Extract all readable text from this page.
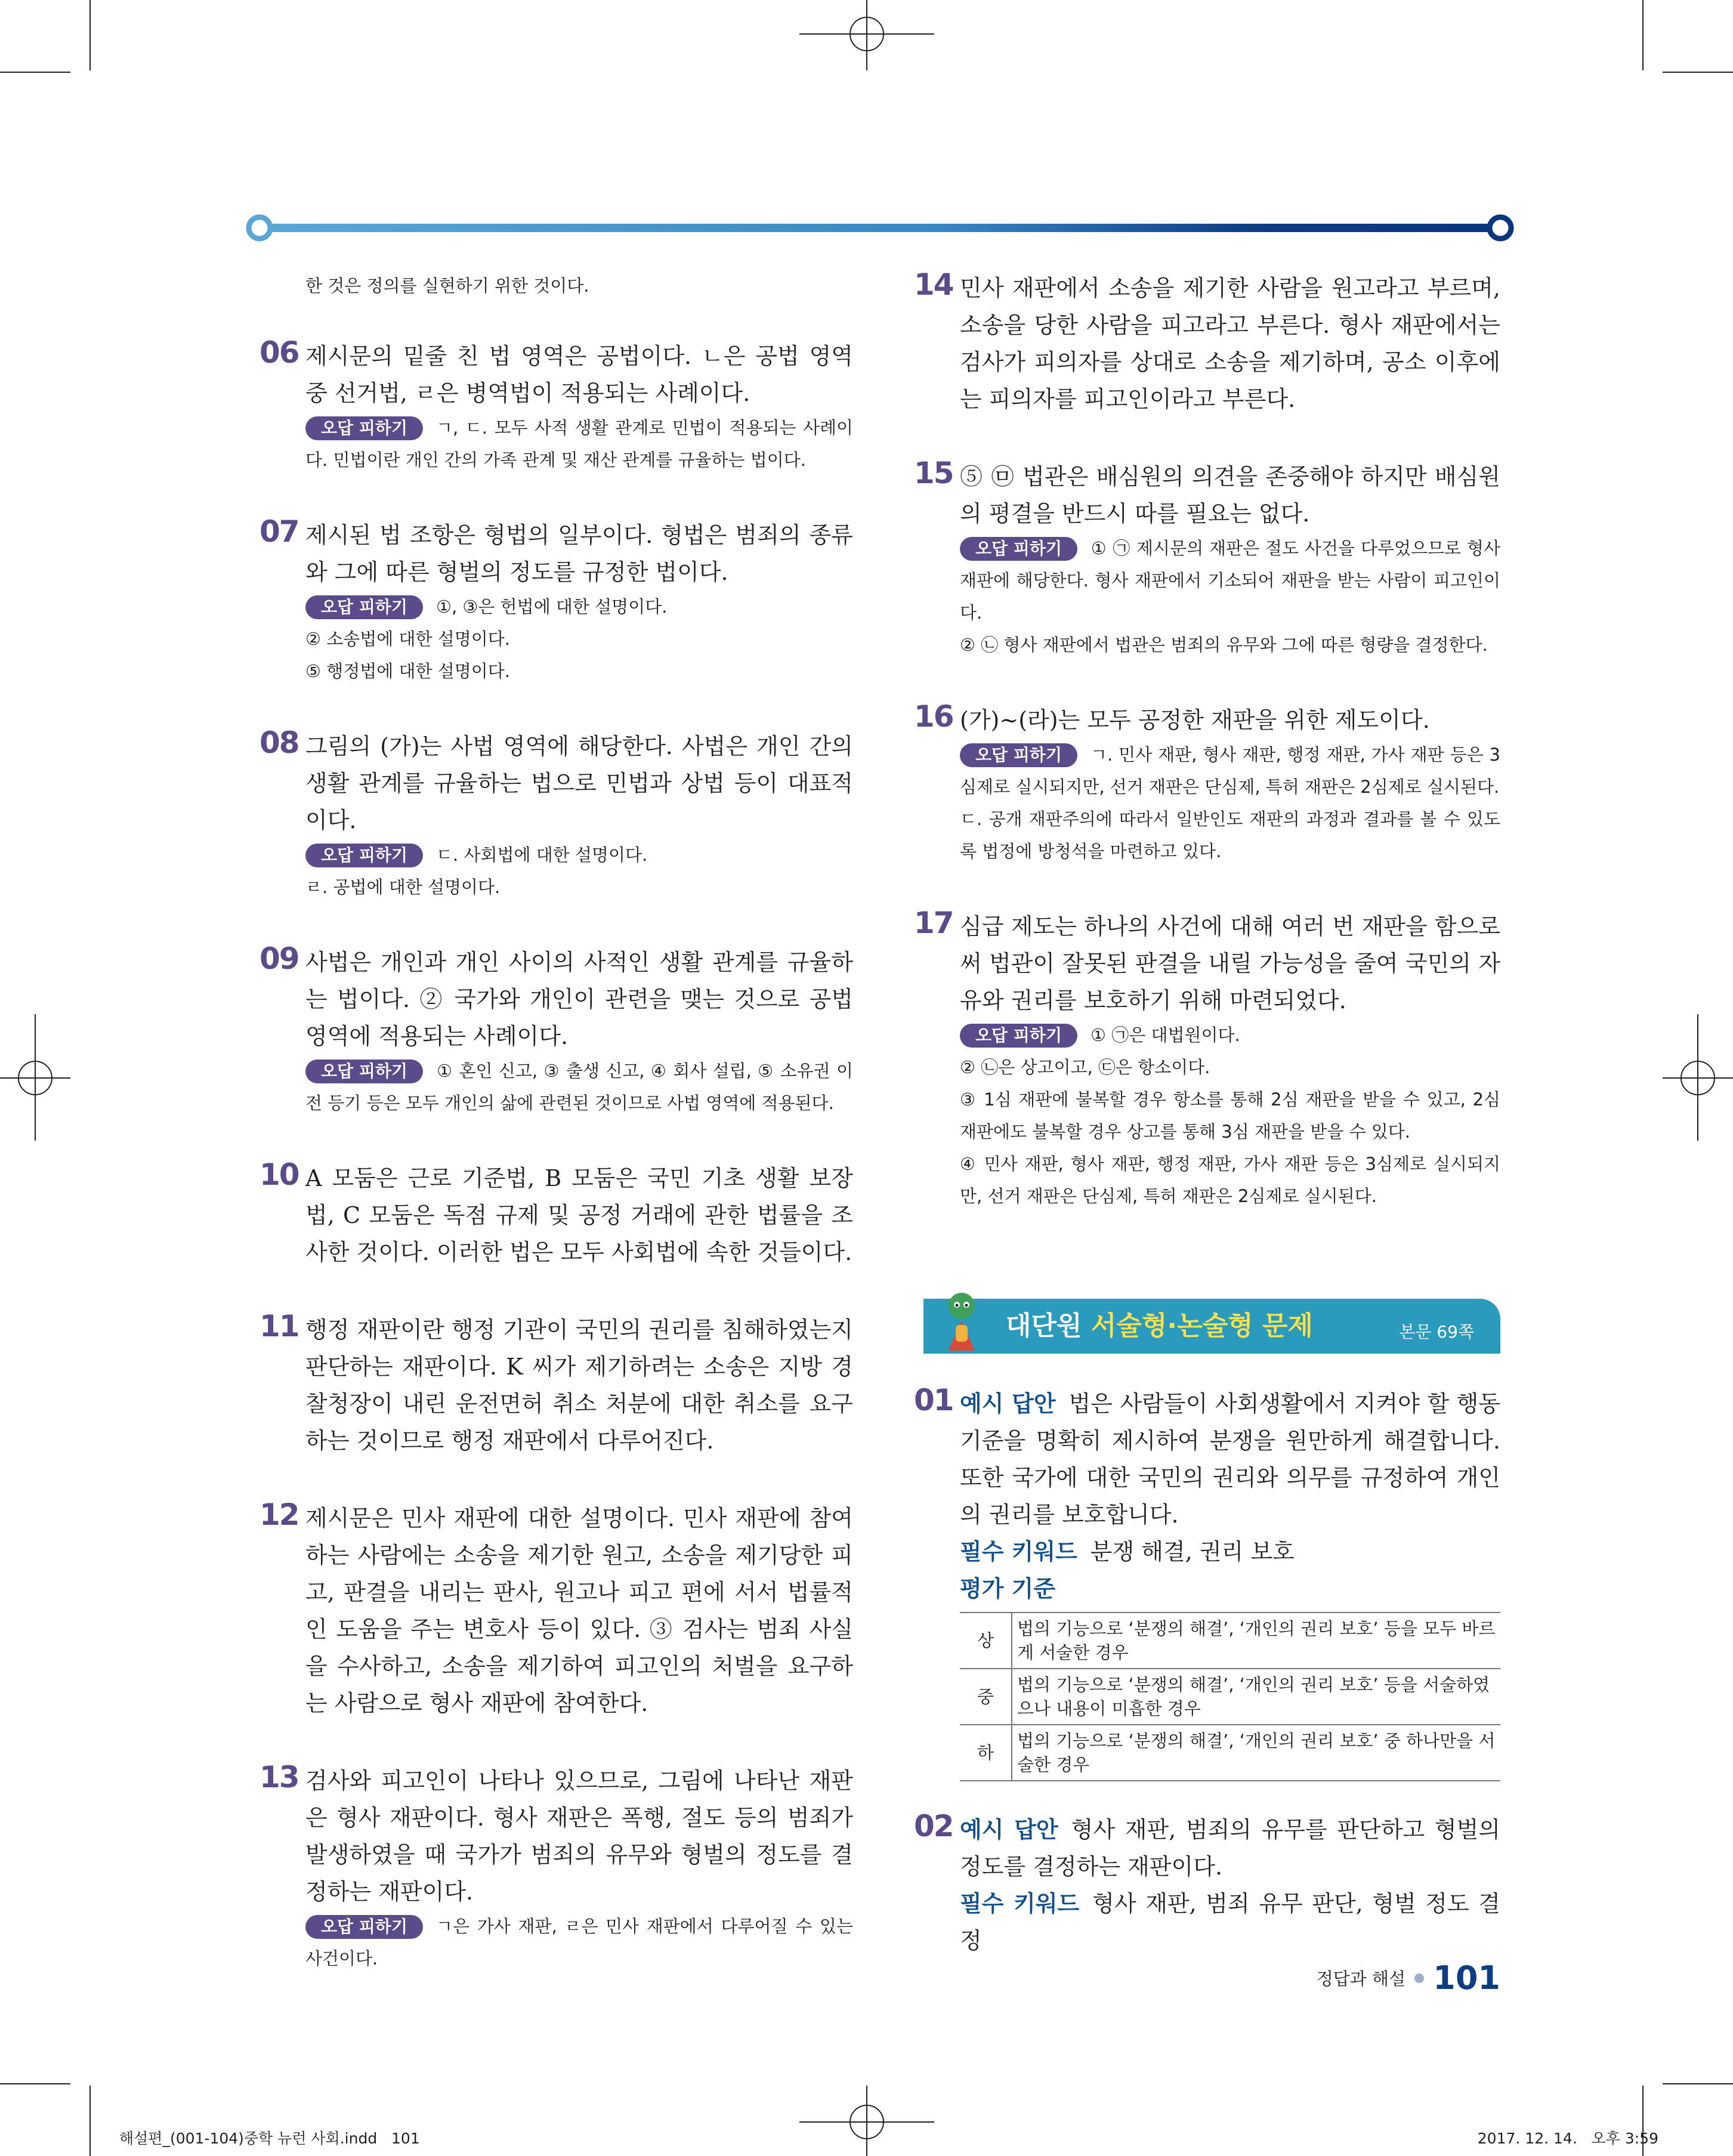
한 것은 정의를 실현하기 위한 것이다.

06 제시문의 밑줄 친 법 영역은 공법이다. ㄴ은 공법 영역 중 선거법, ㄹ은 병역법이 적용되는 사례이다.

오답 피하기 ㄱ, ㄷ. 모두 사적 생활 관계로 민법이 적용되는 사례이다. 민법이란 개인 간의 가족 관계 및 재산 관계를 규율하는 법이다.

07 제시된 법 조항은 형법의 일부이다. 형법은 범죄의 종류와 그에 따른 형벌의 정도를 규정한 법이다.

오답 피하기 ①, ③은 헌법에 대한 설명이다.

② 소송법에 대한 설명이다.

⑤ 행정법에 대한 설명이다.

08 그림의 (가)는 사법 영역에 해당한다. 사법은 개인 간의 생활 관계를 규율하는 법으로 민법과 상법 등이 대표적이다.

오답 피하기 ㄷ. 사회법에 대한 설명이다.

ㄹ. 공법에 대한 설명이다.

09 사법은 개인과 개인 사이의 사적인 생활 관계를 규율하는 법이다. ② 국가와 개인이 관련을 맺는 것으로 공법 영역에 적용되는 사례이다.

오답 피하기 ① 혼인 신고, ③ 출생 신고, ④ 회사 설립, ⑤ 소유권 이전 등기 등은 모두 개인의 삶에 관련된 것이므로 사법 영역에 적용된다.

10 A 모둠은 근로 기준법, B 모둠은 국민 기초 생활 보장법, C 모둠은 독점 규제 및 공정 거래에 관한 법률을 조사한 것이다. 이러한 법은 모두 사회법에 속한 것들이다.

11 행정 재판이란 행정 기관이 국민의 권리를 침해하였는지 판단하는 재판이다. K 씨가 제기하려는 소송은 지방 경찰청장이 내린 운전면허 취소 처분에 대한 취소를 요구하는 것이므로 행정 재판에서 다루어진다.

12 제시문은 민사 재판에 대한 설명이다. 민사 재판에 참여하는 사람에는 소송을 제기한 원고, 소송을 제기당한 피고, 판결을 내리는 판사, 원고나 피고 편에 서서 법률적인 도움을 주는 변호사 등이 있다. ③ 검사는 범죄 사실을 수사하고, 소송을 제기하여 피고인의 처벌을 요구하는 사람으로 형사 재판에 참여한다.

13 검사와 피고인이 나타나 있으므로, 그림에 나타난 재판은 형사 재판이다. 형사 재판은 폭행, 절도 등의 범죄가 발생하였을 때 국가가 범죄의 유무와 형벌의 정도를 결정하는 재판이다.

오답 피하기 ㄱ은 가사 재판, ㄹ은 민사 재판에서 다루어질 수 있는 사건이다.

14 민사 재판에서 소송을 제기한 사람을 원고라고 부르며, 소송을 당한 사람을 피고라고 부른다. 형사 재판에서는 검사가 피의자를 상대로 소송을 제기하며, 공소 이후에는 피의자를 피고인이라고 부른다.

15 ⑤ ㉤ 법관은 배심원의 의견을 존중해야 하지만 배심원의 평결을 반드시 따를 필요는 없다.

오답 피하기 ① ㉠ 제시문의 재판은 절도 사건을 다루었으므로 형사 재판에 해당한다. 형사 재판에서 기소되어 재판을 받는 사람이 피고인이다.

② ㉡ 형사 재판에서 법관은 범죄의 유무와 그에 따른 형량을 결정한다.

16 (가)~(라)는 모두 공정한 재판을 위한 제도이다.

오답 피하기 ㄱ. 민사 재판, 형사 재판, 행정 재판, 가사 재판 등은 3심제로 실시되지만, 선거 재판은 단심제, 특허 재판은 2심제로 실시된다.

ㄷ. 공개 재판주의에 따라서 일반인도 재판의 과정과 결과를 볼 수 있도록 법정에 방청석을 마련하고 있다.

17 심급 제도는 하나의 사건에 대해 여러 번 재판을 함으로써 법관이 잘못된 판결을 내릴 가능성을 줄여 국민의 자유와 권리를 보호하기 위해 마련되었다.

오답 피하기 ① ㉠은 대법원이다.

② ㉡은 상고이고, ㉢은 항소이다.

③ 1심 재판에 불복할 경우 항소를 통해 2심 재판을 받을 수 있고, 2심 재판에도 불복할 경우 상고를 통해 3심 재판을 받을 수 있다.

④ 민사 재판, 형사 재판, 행정 재판, 가사 재판 등은 3심제로 실시되지만, 선거 재판은 단심제, 특허 재판은 2심제로 실시된다.

대단원 서술형·논술형 문제	본문 69쪽
01 예시 답안 법은 사람들이 사회생활에서 지켜야 할 행동 기준을 명확히 제시하여 분쟁을 원만하게 해결합니다. 또한 국가에 대한 국민의 권리와 의무를 규정하여 개인의 권리를 보호합니다.

필수 키워드 분쟁 해결, 권리 보호

평가 기준

상	법의 기능으로 ‘분쟁의 해결’, ‘개인의 권리 보호’ 등을 모두 바르게 서술한 경우
중	법의 기능으로 ‘분쟁의 해결’, ‘개인의 권리 보호’ 등을 서술하였으나 내용이 미흡한 경우
하	법의 기능으로 ‘분쟁의 해결’, ‘개인의 권리 보호’ 중 하나만을 서술한 경우
02 예시 답안 형사 재판, 범죄의 유무를 판단하고 형벌의 정도를 결정하는 재판이다.

필수 키워드 형사 재판, 범죄 유무 판단, 형벌 정도 결정

정답과 해설 101
해설편_(001-104)중학 뉴런 사회.indd   101	2017. 12. 14.   오후 3:59
